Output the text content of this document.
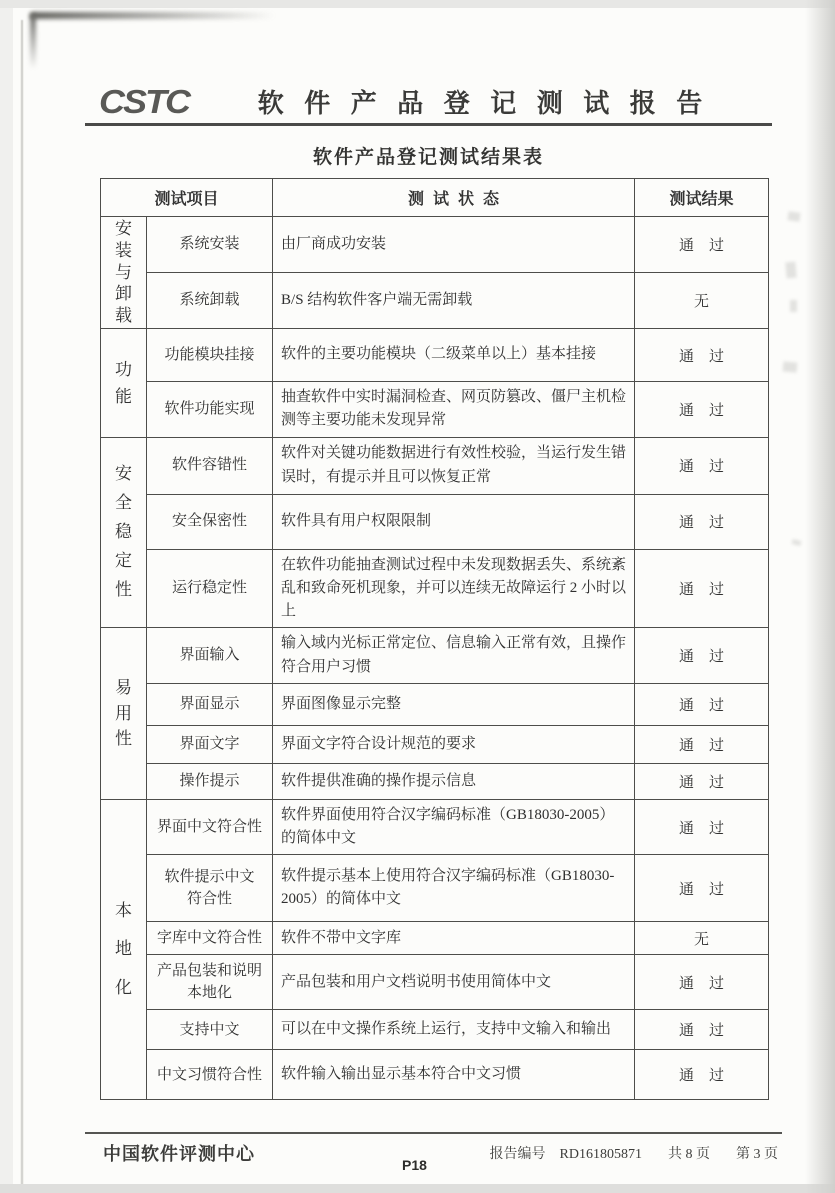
CSTC	软 件 产 品 登 记 测 试 报 告
软件产品登记测试结果表
测试项目		测试状态	测试结果

安装与卸载	系统安装	由厂商成功安装	通　过
	系统卸载	B/S 结构软件客户端无需卸载	无

功能	功能模块挂接	软件的主要功能模块（二级菜单以上）基本挂接	通　过
	软件功能实现	抽查软件中实时漏洞检查、网页防篡改、僵尸主机检测等主要功能未发现异常	通　过

安全稳定性	软件容错性	软件对关键功能数据进行有效性校验，当运行发生错误时，有提示并且可以恢复正常	通　过
	安全保密性	软件具有用户权限限制	通　过
	运行稳定性	在软件功能抽查测试过程中未发现数据丢失、系统紊乱和致命死机现象，并可以连续无故障运行 2 小时以上	通　过

易用性	界面输入	输入域内光标正常定位、信息输入正常有效，且操作符合用户习惯	通　过
	界面显示	界面图像显示完整	通　过
	界面文字	界面文字符合设计规范的要求	通　过
	操作提示	软件提供准确的操作提示信息	通　过

本地化	界面中文符合性	软件界面使用符合汉字编码标准（GB18030-2005）的简体中文	通　过
	软件提示中文符合性	软件提示基本上使用符合汉字编码标准（GB18030-2005）的简体中文	通　过
	字库中文符合性	软件不带中文字库	无
	产品包装和说明本地化	产品包装和用户文档说明书使用简体中文	通　过
	支持中文	可以在中文操作系统上运行，支持中文输入和输出	通　过
	中文习惯符合性	软件输入输出显示基本符合中文习惯	通　过
中国软件评测中心	报告编号 RD161805871 共 8 页 第 3 页
P18
